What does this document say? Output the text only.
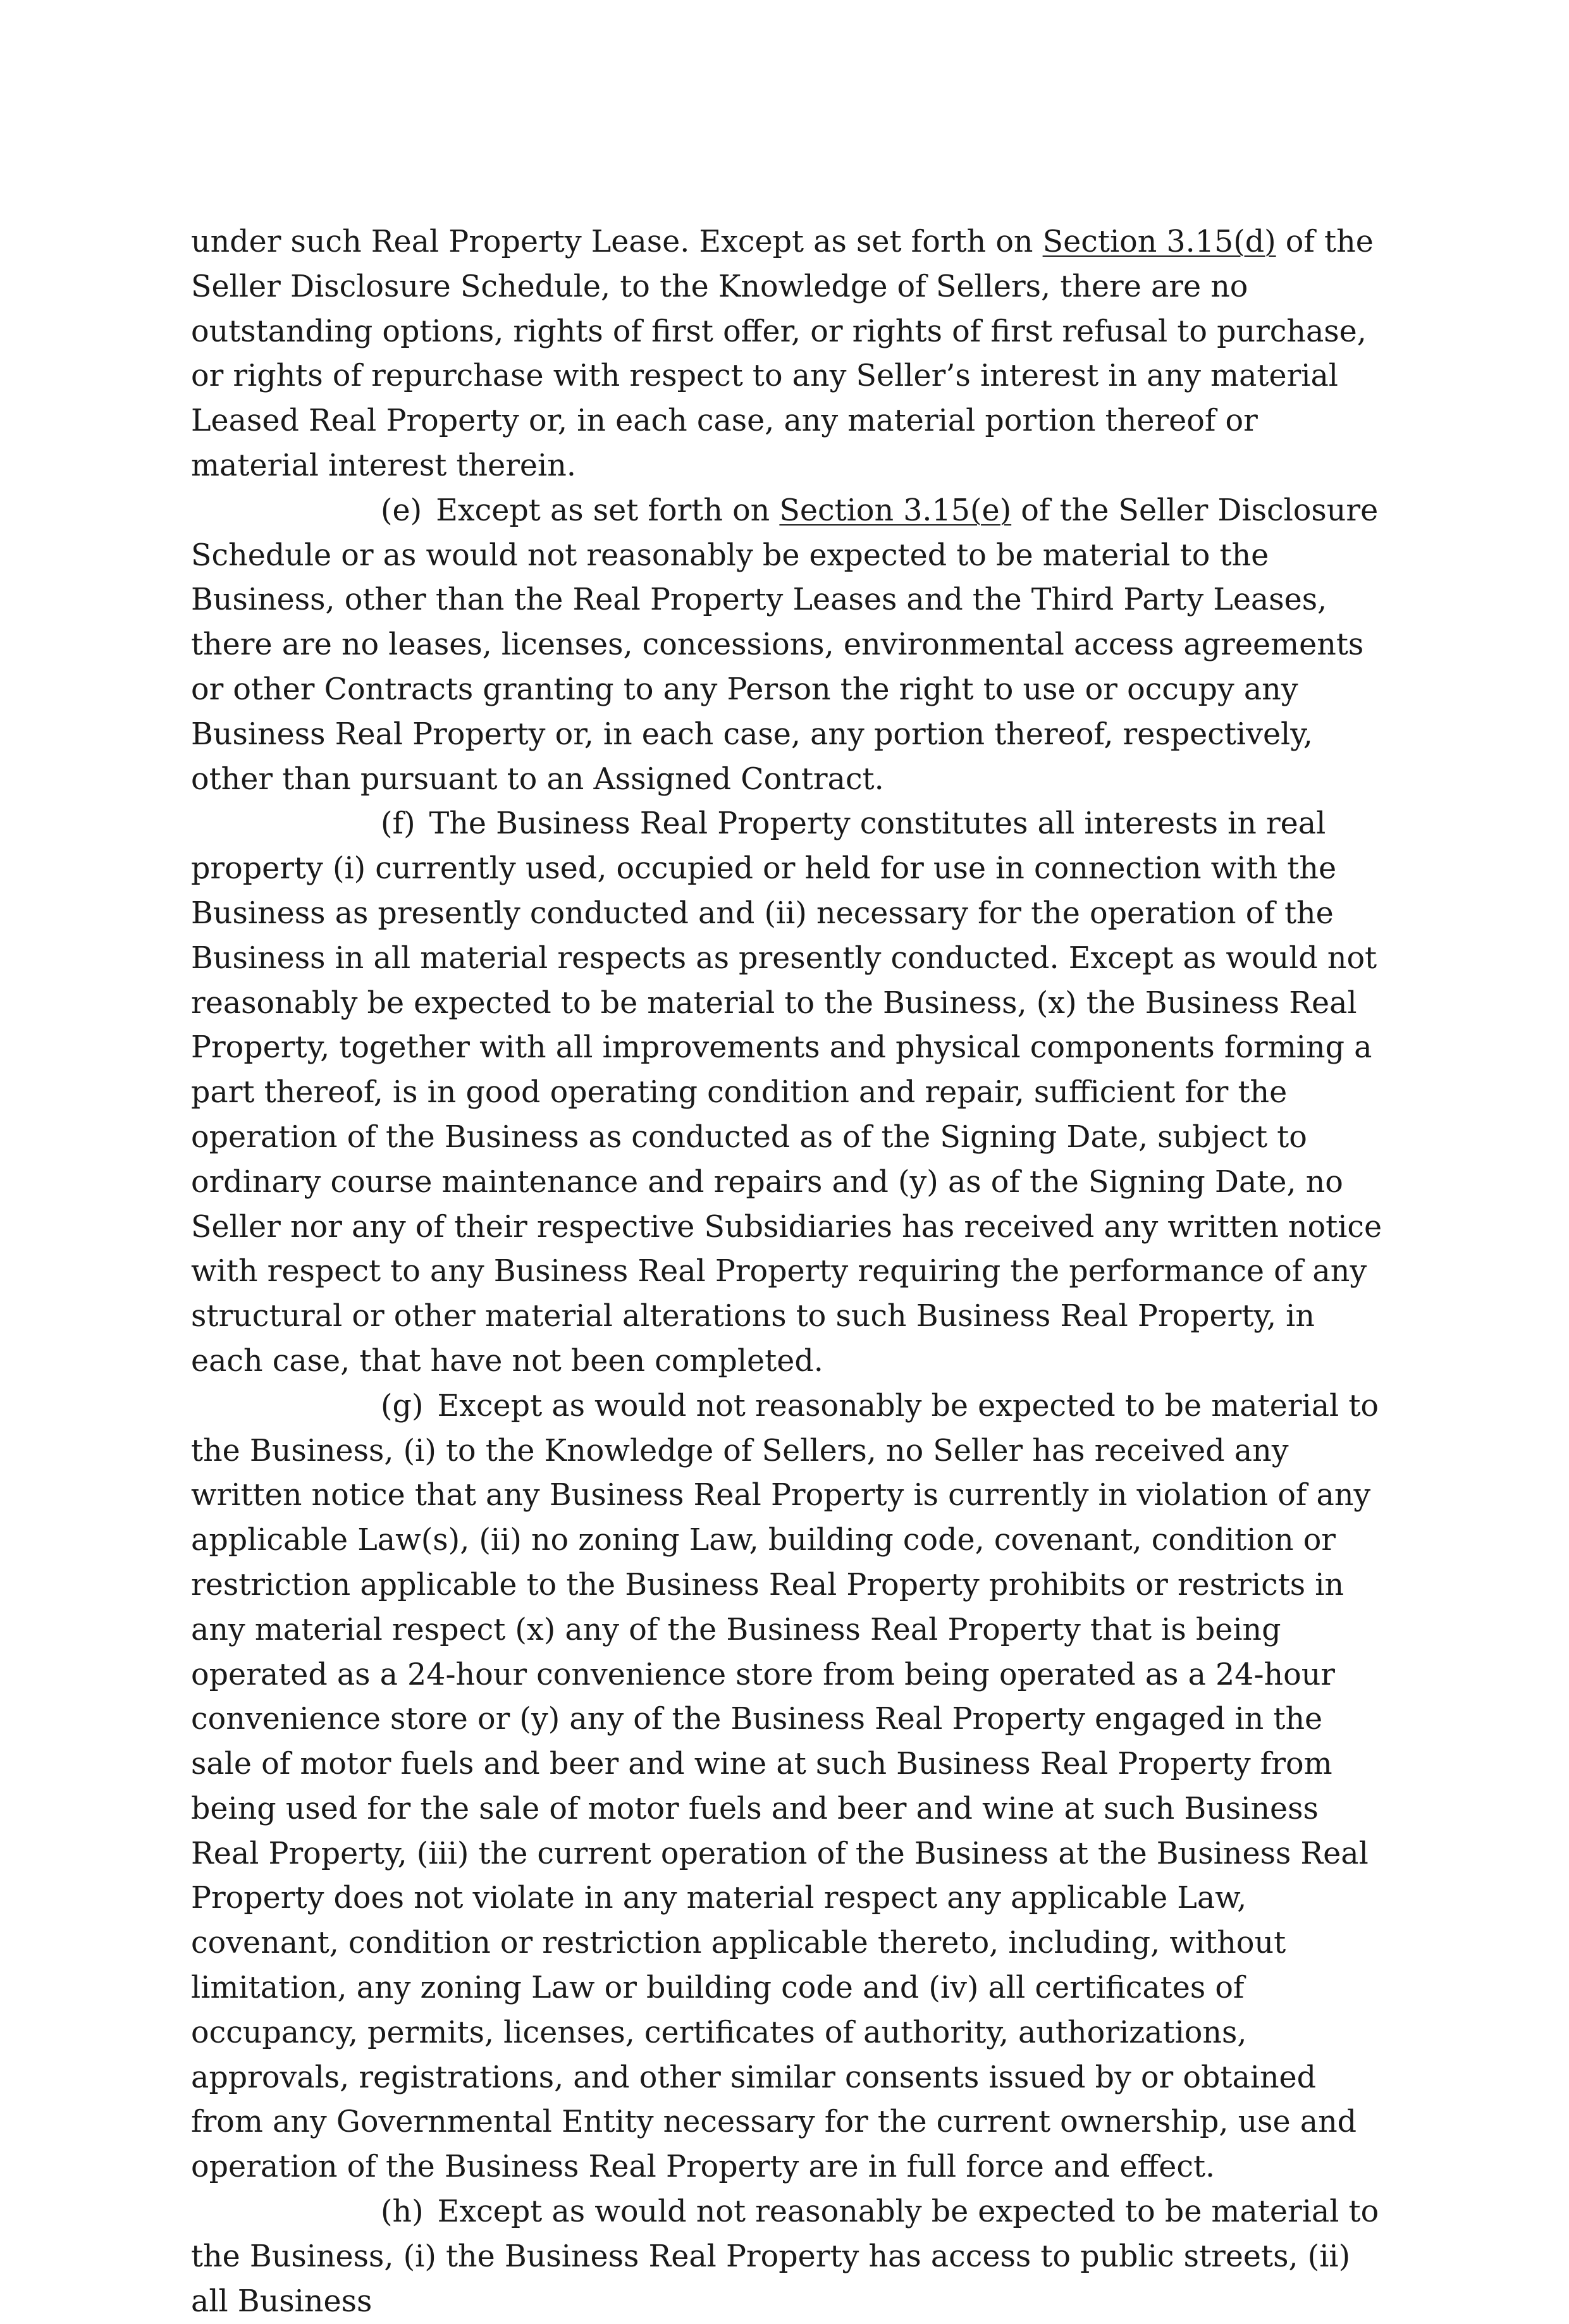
under such Real Property Lease. Except as set forth on Section 3.15(d) of the Seller Disclosure Schedule, to the Knowledge of Sellers, there are no outstanding options, rights of first offer, or rights of first refusal to purchase, or rights of repurchase with respect to any Seller’s interest in any material Leased Real Property or, in each case, any material portion thereof or material interest therein.

(e) Except as set forth on Section 3.15(e) of the Seller Disclosure Schedule or as would not reasonably be expected to be material to the Business, other than the Real Property Leases and the Third Party Leases, there are no leases, licenses, concessions, environmental access agreements or other Contracts granting to any Person the right to use or occupy any Business Real Property or, in each case, any portion thereof, respectively, other than pursuant to an Assigned Contract.

(f) The Business Real Property constitutes all interests in real property (i) currently used, occupied or held for use in connection with the Business as presently conducted and (ii) necessary for the operation of the Business in all material respects as presently conducted. Except as would not reasonably be expected to be material to the Business, (x) the Business Real Property, together with all improvements and physical components forming a part thereof, is in good operating condition and repair, sufficient for the operation of the Business as conducted as of the Signing Date, subject to ordinary course maintenance and repairs and (y) as of the Signing Date, no Seller nor any of their respective Subsidiaries has received any written notice with respect to any Business Real Property requiring the performance of any structural or other material alterations to such Business Real Property, in each case, that have not been completed.

(g) Except as would not reasonably be expected to be material to the Business, (i) to the Knowledge of Sellers, no Seller has received any written notice that any Business Real Property is currently in violation of any applicable Law(s), (ii) no zoning Law, building code, covenant, condition or restriction applicable to the Business Real Property prohibits or restricts in any material respect (x) any of the Business Real Property that is being operated as a 24-hour convenience store from being operated as a 24-hour convenience store or (y) any of the Business Real Property engaged in the sale of motor fuels and beer and wine at such Business Real Property from being used for the sale of motor fuels and beer and wine at such Business Real Property, (iii) the current operation of the Business at the Business Real Property does not violate in any material respect any applicable Law, covenant, condition or restriction applicable thereto, including, without limitation, any zoning Law or building code and (iv) all certificates of occupancy, permits, licenses, certificates of authority, authorizations, approvals, registrations, and other similar consents issued by or obtained from any Governmental Entity necessary for the current ownership, use and operation of the Business Real Property are in full force and effect.

(h) Except as would not reasonably be expected to be material to the Business, (i) the Business Real Property has access to public streets, (ii) all Business
